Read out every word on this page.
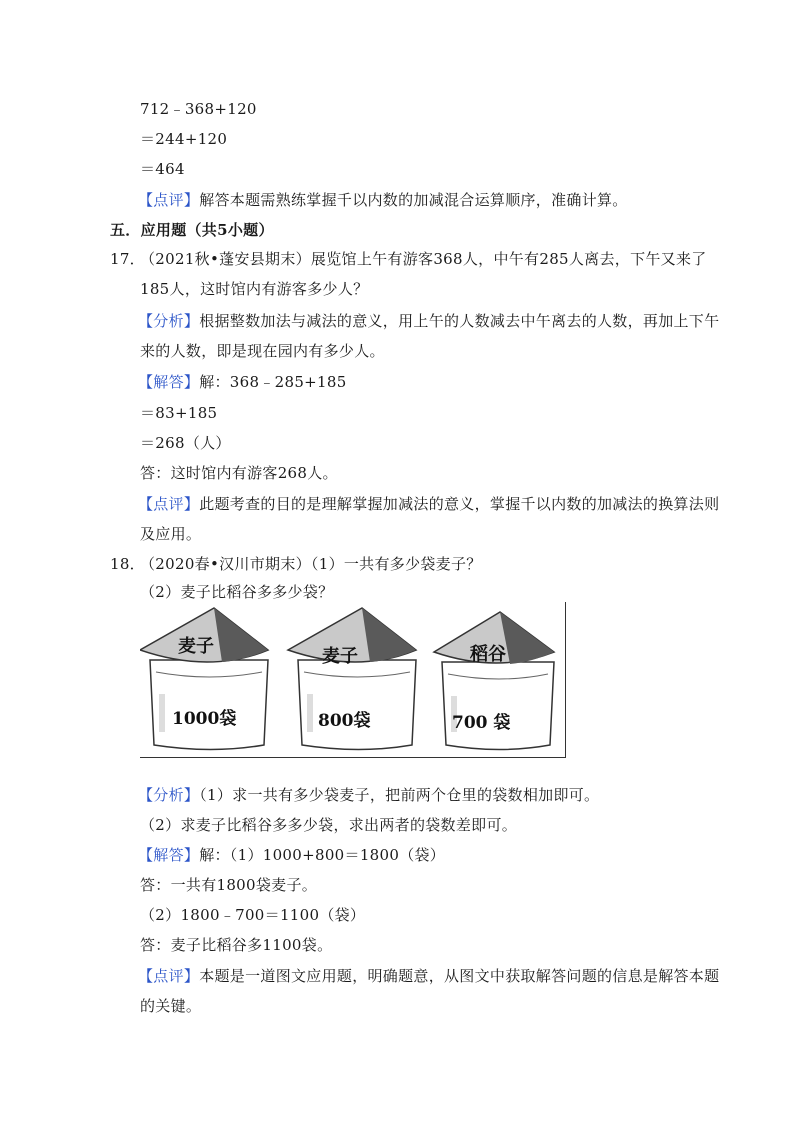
712﹣368+120
＝244+120
＝464
【点评】解答本题需熟练掌握千以内数的加减混合运算顺序，准确计算。
五．应用题（共5小题）
17．
（2021秋•蓬安县期末）展览馆上午有游客368人，中午有285人离去，下午又来了
185人，这时馆内有游客多少人？
【分析】根据整数加法与减法的意义，用上午的人数减去中午离去的人数，再加上下午
来的人数，即是现在园内有多少人。
【解答】解：368﹣285+185
＝83+185
＝268（人）
答：这时馆内有游客268人。
【点评】此题考查的目的是理解掌握加减法的意义，掌握千以内数的加减法的换算法则
及应用。
18．
（2020春•汉川市期末）（1）一共有多少袋麦子？
（2）麦子比稻谷多多少袋？
麦子
1000袋
麦子
800袋
稻谷
700 袋
【分析】（1）求一共有多少袋麦子，把前两个仓里的袋数相加即可。
（2）求麦子比稻谷多多少袋，求出两者的袋数差即可。
【解答】解：（1）1000+800＝1800（袋）
答：一共有1800袋麦子。
（2）1800﹣700＝1100（袋）
答：麦子比稻谷多1100袋。
【点评】本题是一道图文应用题，明确题意，从图文中获取解答问题的信息是解答本题
的关键。
